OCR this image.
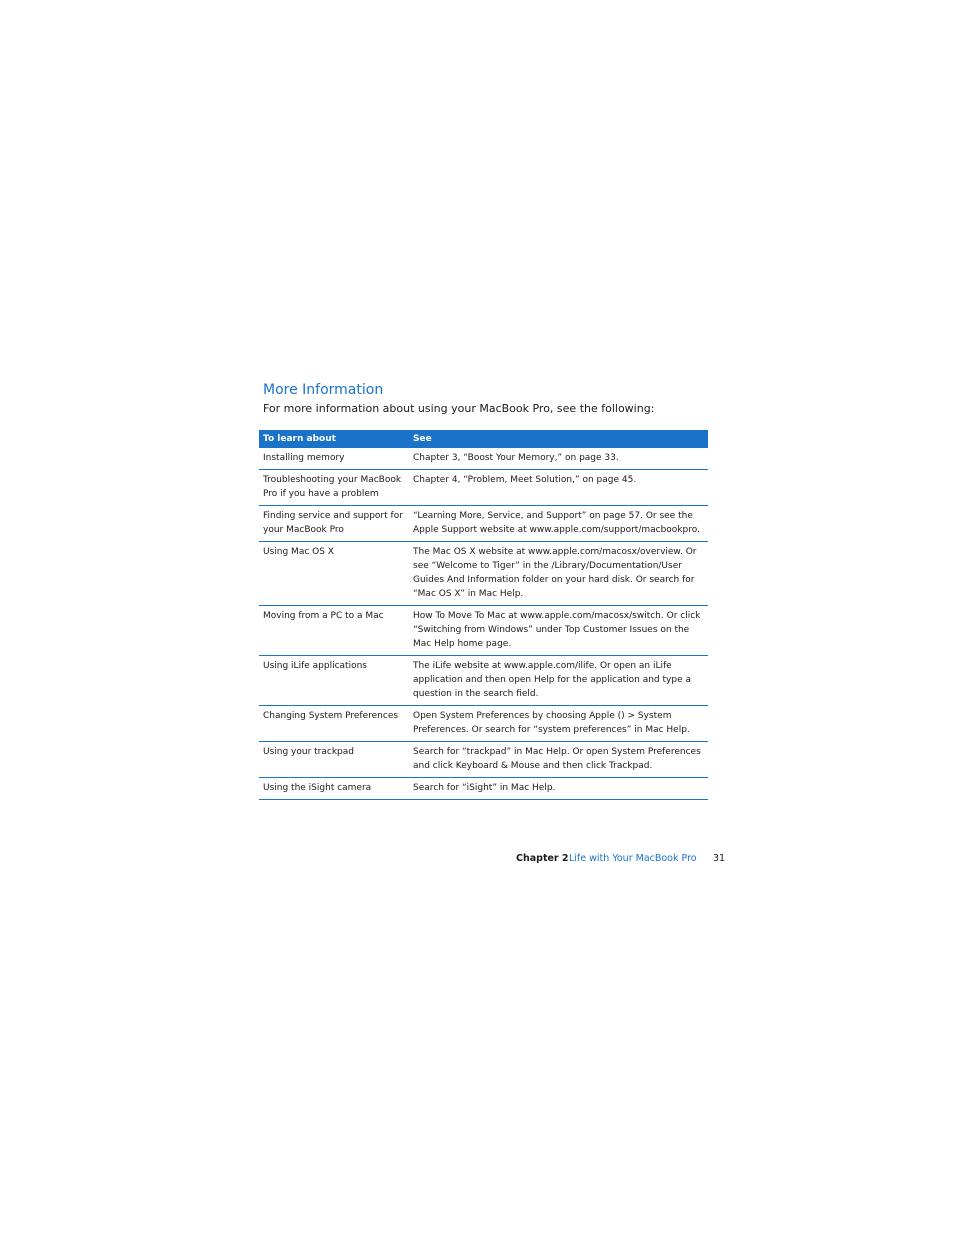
More Information

For more information about using your MacBook Pro, see the following:

To learn about	See
Installing memory	Chapter 3, “Boost Your Memory,” on page 33.
Troubleshooting your MacBook Pro if you have a problem	Chapter 4, “Problem, Meet Solution,” on page 45.
Finding service and support for your MacBook Pro	“Learning More, Service, and Support” on page 57. Or see the Apple Support website at www.apple.com/support/macbookpro.
Using Mac OS X	The Mac OS X website at www.apple.com/macosx/overview. Or see “Welcome to Tiger” in the /Library/Documentation/User Guides And Information folder on your hard disk. Or search for “Mac OS X” in Mac Help.
Moving from a PC to a Mac	How To Move To Mac at www.apple.com/macosx/switch. Or click “Switching from Windows” under Top Customer Issues on the Mac Help home page.
Using iLife applications	The iLife website at www.apple.com/ilife. Or open an iLife application and then open Help for the application and type a question in the search field.
Changing System Preferences	Open System Preferences by choosing Apple () > System Preferences. Or search for “system preferences” in Mac Help.
Using your trackpad	Search for “trackpad” in Mac Help. Or open System Preferences and click Keyboard & Mouse and then click Trackpad.
Using the iSight camera	Search for “iSight” in Mac Help.
Chapter 2 Life with Your MacBook Pro 31
